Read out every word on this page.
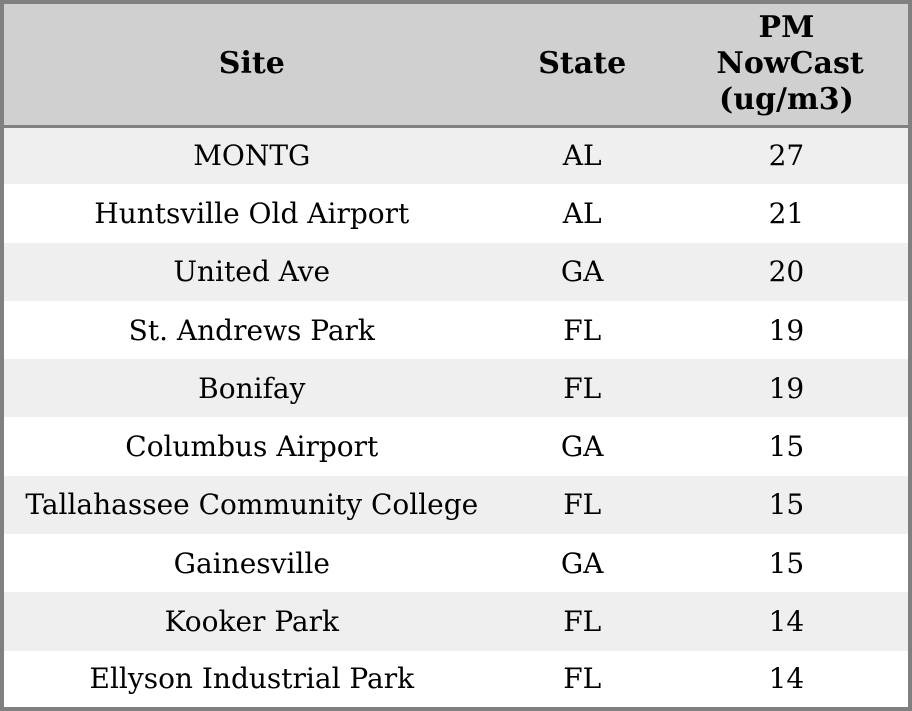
Site	State	PM NowCast (ug/m3)
MONTG	AL	27
Huntsville Old Airport	AL	21
United Ave	GA	20
St. Andrews Park	FL	19
Bonifay	FL	19
Columbus Airport	GA	15
Tallahassee Community College	FL	15
Gainesville	GA	15
Kooker Park	FL	14
Ellyson Industrial Park	FL	14
